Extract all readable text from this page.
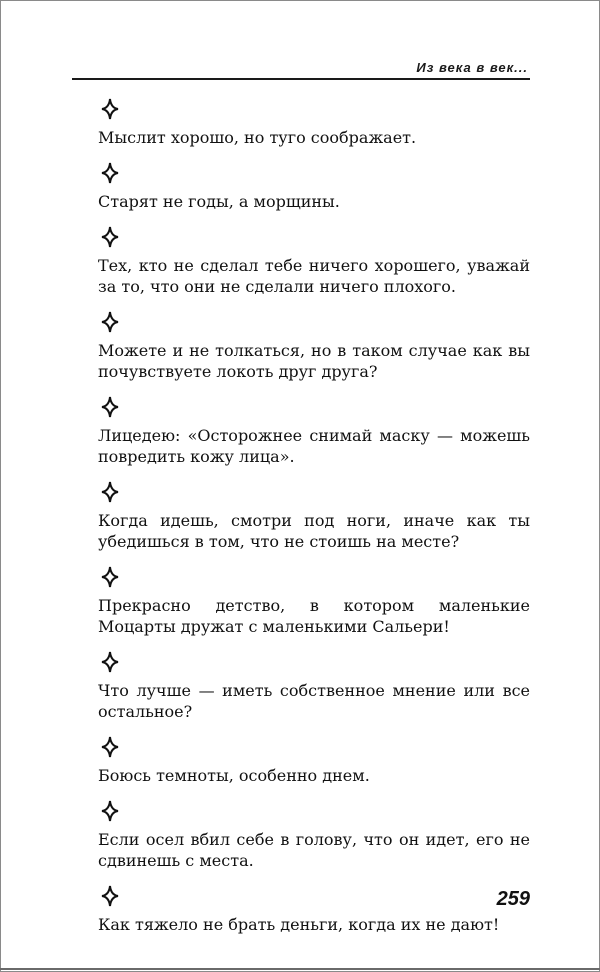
Из века в век...

Мыслит хорошо, но туго соображает.

Старят не годы, а морщины.

Тех, кто не сделал тебе ничего хорошего, уважай за то, что они не сделали ничего плохого.

Можете и не толкаться, но в таком случае как вы почувствуете локоть друг друга?

Лицедею: «Осторожнее снимай маску — можешь повредить кожу лица».

Когда идешь, смотри под ноги, иначе как ты убедишься в том, что не стоишь на месте?

Прекрасно детство, в котором маленькие Моцарты дружат с маленькими Сальери!

Что лучше — иметь собственное мнение или все остальное?

Боюсь темноты, особенно днем.

Если осел вбил себе в голову, что он идет, его не сдвинешь с места.

Как тяжело не брать деньги, когда их не дают!

259
